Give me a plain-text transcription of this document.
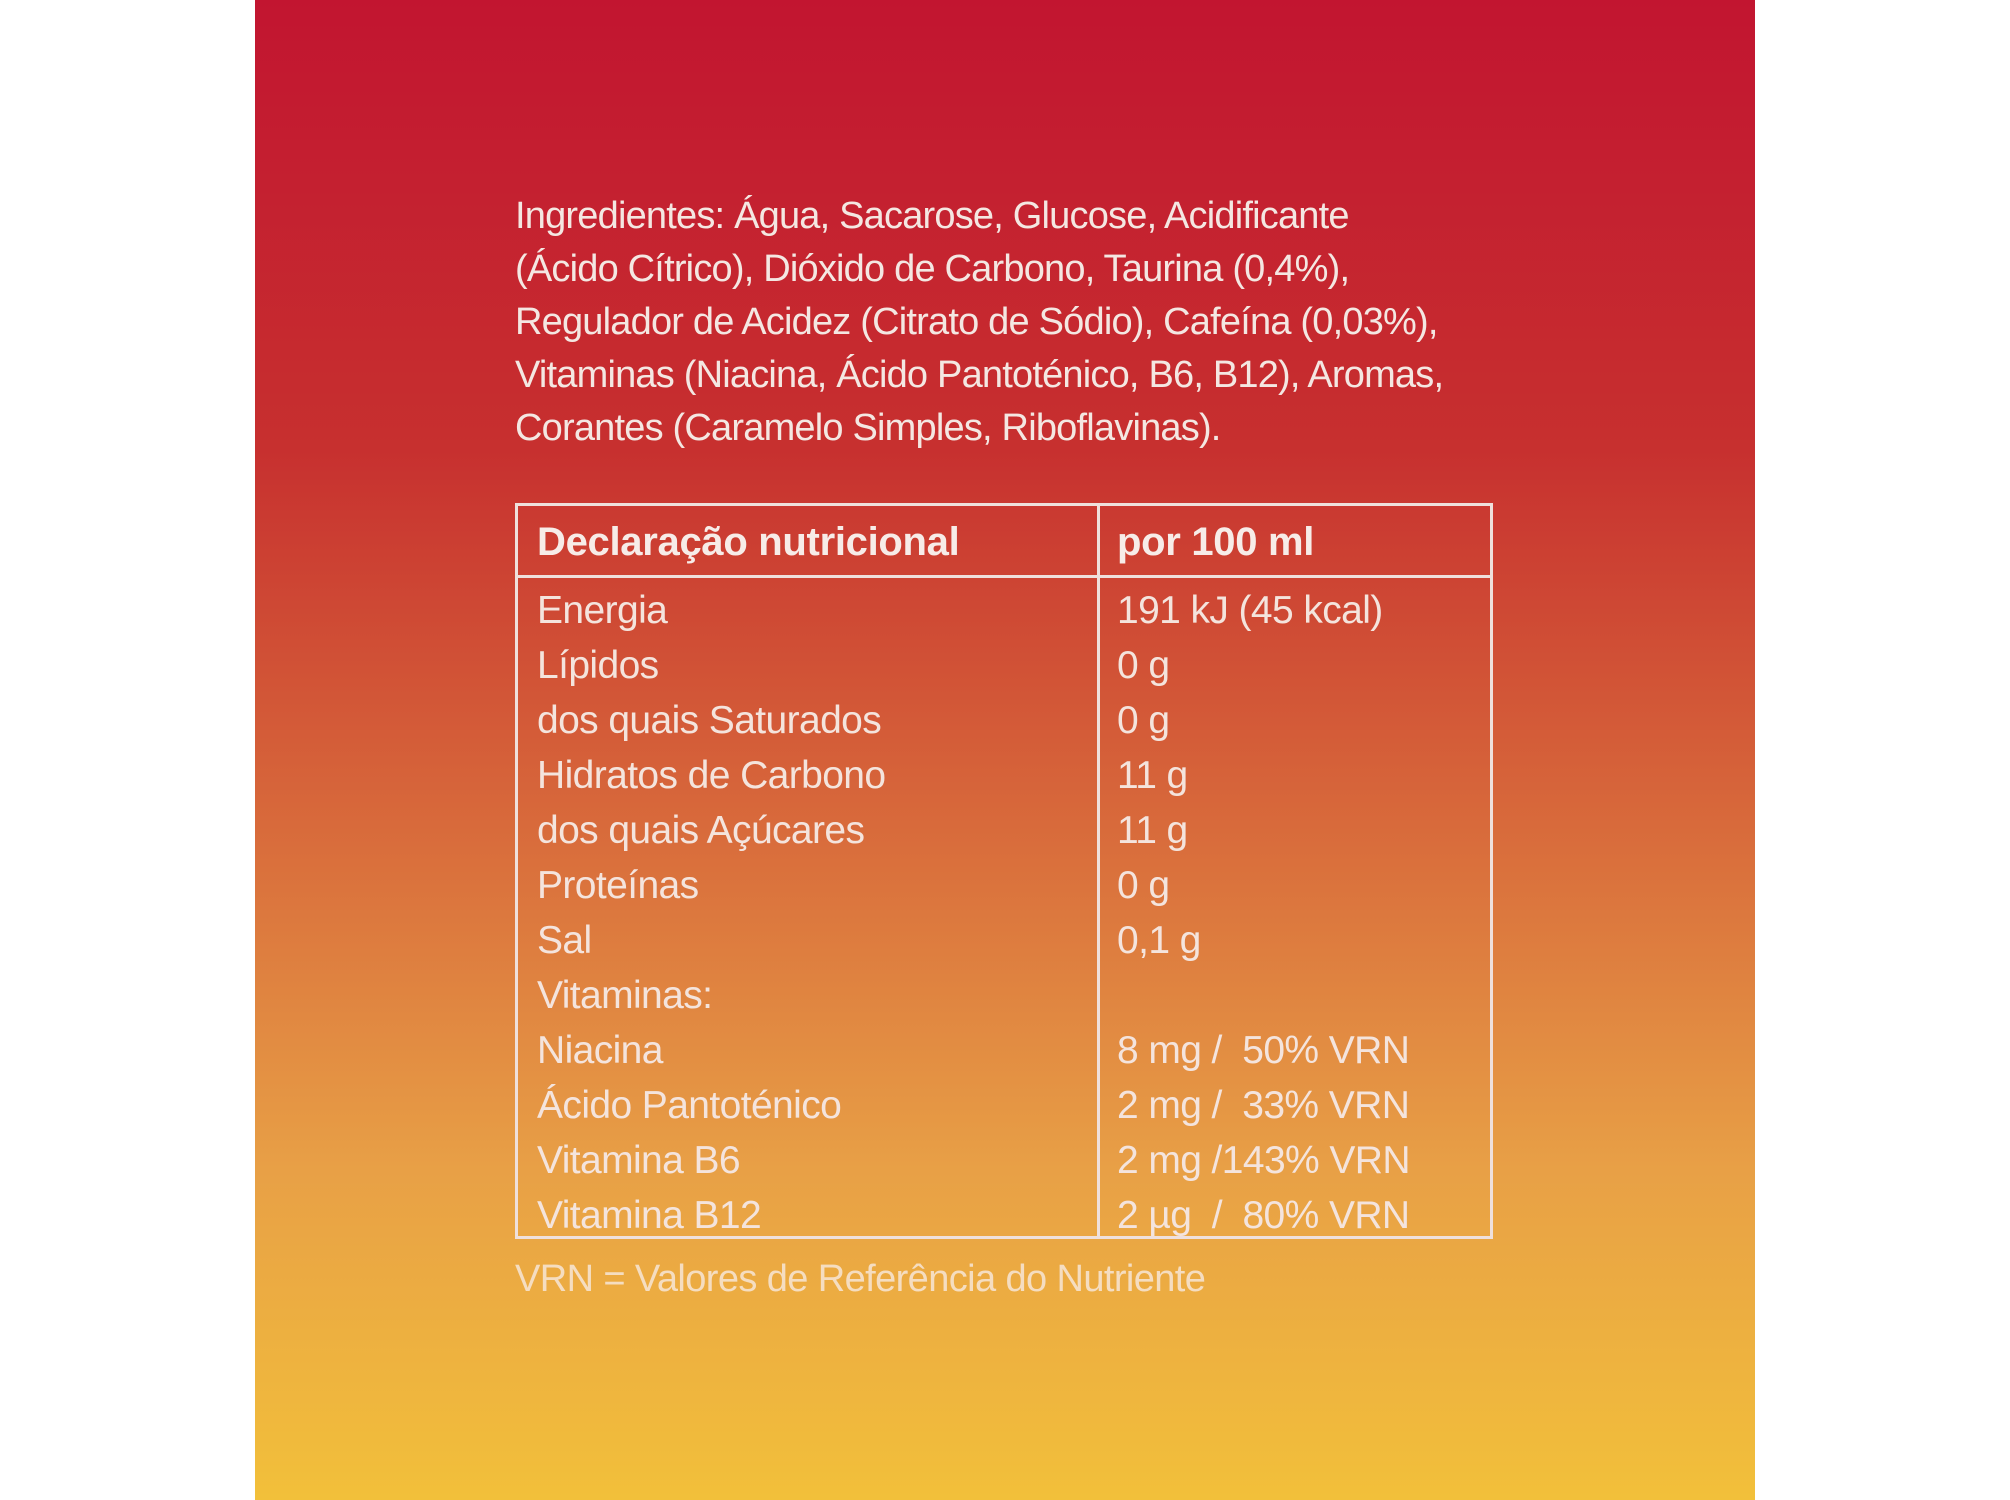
Ingredientes: Água, Sacarose, Glucose, Acidificante
(Ácido Cítrico), Dióxido de Carbono, Taurina (0,4%),
Regulador de Acidez (Citrato de Sódio), Cafeína (0,03%),
Vitaminas (Niacina, Ácido Pantoténico, B6, B12), Aromas,
Corantes (Caramelo Simples, Riboflavinas).

Declaração nutricional	por 100 ml
Energia	191 kJ (45 kcal)
Lípidos	0 g
dos quais Saturados	0 g
Hidratos de Carbono	11 g
dos quais Açúcares	11 g
Proteínas	0 g
Sal	0,1 g
Vitaminas:
Niacina	8 mg /  50% VRN
Ácido Pantoténico	2 mg /  33% VRN
Vitamina B6	2 mg /143% VRN
Vitamina B12	2 µg  /  80% VRN
VRN = Valores de Referência do Nutriente
